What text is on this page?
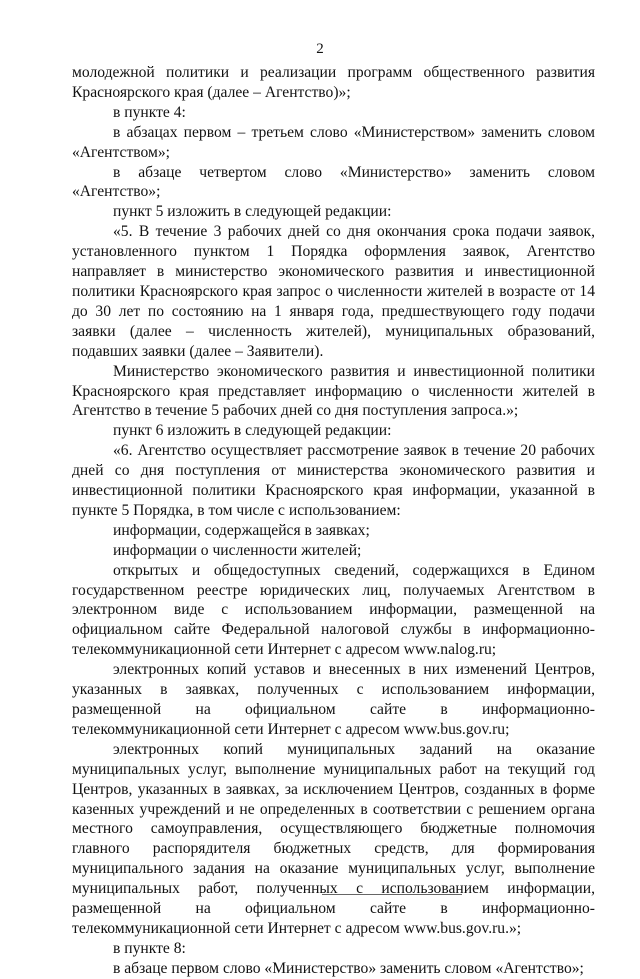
2

молодежной политики и реализации программ общественного развития Красноярского края (далее – Агентство)»;

в пункте 4:

в абзацах первом – третьем слово «Министерством» заменить словом «Агентством»;

в абзаце четвертом слово «Министерство» заменить словом «Агентство»;

пункт 5 изложить в следующей редакции:

«5. В течение 3 рабочих дней со дня окончания срока подачи заявок, установленного пунктом 1 Порядка оформления заявок, Агентство направляет в министерство экономического развития и инвестиционной политики Красноярского края запрос о численности жителей в возрасте от 14 до 30 лет по состоянию на 1 января года, предшествующего году подачи заявки (далее – численность жителей), муниципальных образований, подавших заявки (далее – Заявители).

Министерство экономического развития и инвестиционной политики Красноярского края представляет информацию о численности жителей в Агентство в течение 5 рабочих дней со дня поступления запроса.»;

пункт 6 изложить в следующей редакции:

«6. Агентство осуществляет рассмотрение заявок в течение 20 рабочих дней со дня поступления от министерства экономического развития и инвестиционной политики Красноярского края информации, указанной в пункте 5 Порядка, в том числе с использованием:

информации, содержащейся в заявках;

информации о численности жителей;

открытых и общедоступных сведений, содержащихся в Едином государственном реестре юридических лиц, получаемых Агентством в электронном виде с использованием информации, размещенной на официальном сайте Федеральной налоговой службы в информационно-телекоммуникационной сети Интернет с адресом www.nalog.ru;

электронных копий уставов и внесенных в них изменений Центров, указанных в заявках, полученных с использованием информации, размещенной на официальном сайте в информационно-телекоммуникационной сети Интернет с адресом www.bus.gov.ru;

электронных копий муниципальных заданий на оказание муниципальных услуг, выполнение муниципальных работ на текущий год Центров, указанных в заявках, за исключением Центров, созданных в форме казенных учреждений и не определенных в соответствии с решением органа местного самоуправления, осуществляющего бюджетные полномочия главного распорядителя бюджетных средств, для формирования муниципального задания на оказание муниципальных услуг, выполнение муниципальных работ, полученных с использованием информации, размещенной на официальном сайте в информационно-телекоммуникационной сети Интернет с адресом www.bus.gov.ru.»;

в пункте 8:

в абзаце первом слово «Министерство» заменить словом «Агентство»;
